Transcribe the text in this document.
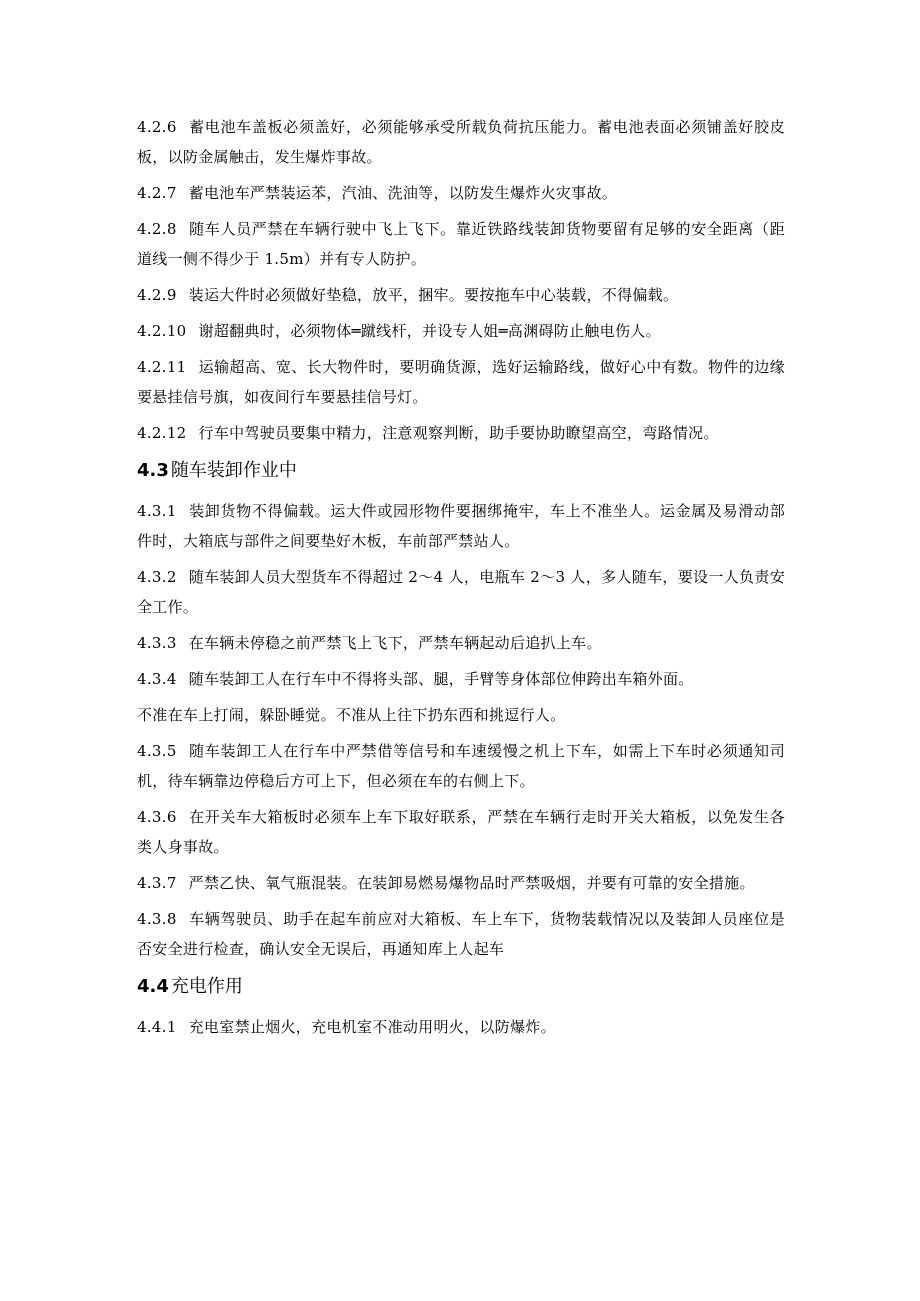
4.2.6 蓄电池车盖板必须盖好，必须能够承受所载负荷抗压能力。蓄电池表面必须铺盖好胶皮板，以防金属触击，发生爆炸事故。
4.2.7 蓄电池车严禁装运苯，汽油、洗油等，以防发生爆炸火灾事故。
4.2.8 随车人员严禁在车辆行驶中飞上飞下。靠近铁路线装卸货物要留有足够的安全距离（距道线一侧不得少于 1.5m）并有专人防护。
4.2.9 装运大件时必须做好垫稳，放平，捆牢。要按拖车中心装载，不得偏载。
4.2.10 谢超翻典时，必须物体═蹴线杆，并设专人姐═高渊碍防止触电伤人。
4.2.11 运输超高、宽、长大物件时，要明确货源，选好运输路线，做好心中有数。物件的边缘要悬挂信号旗，如夜间行车要悬挂信号灯。
4.2.12 行车中驾驶员要集中精力，注意观察判断，助手要协助瞭望高空，弯路情况。
4.3 随车装卸作业中
4.3.1 装卸货物不得偏载。运大件或园形物件要捆绑掩牢，车上不准坐人。运金属及易滑动部件时，大箱底与部件之间要垫好木板，车前部严禁站人。
4.3.2 随车装卸人员大型货车不得超过 2～4 人，电瓶车 2～3 人，多人随车，要设一人负责安全工作。
4.3.3 在车辆未停稳之前严禁飞上飞下，严禁车辆起动后追扒上车。
4.3.4 随车装卸工人在行车中不得将头部、腿，手臂等身体部位伸跨出车箱外面。
不准在车上打闹，躲卧睡觉。不准从上往下扔东西和挑逗行人。
4.3.5 随车装卸工人在行车中严禁借等信号和车速缓慢之机上下车，如需上下车时必须通知司机，待车辆靠边停稳后方可上下，但必须在车的右侧上下。
4.3.6 在开关车大箱板时必须车上车下取好联系，严禁在车辆行走时开关大箱板，以免发生各类人身事故。
4.3.7 严禁乙快、氧气瓶混装。在装卸易燃易爆物品时严禁吸烟，并要有可靠的安全措施。
4.3.8 车辆驾驶员、助手在起车前应对大箱板、车上车下，货物装载情况以及装卸人员座位是否安全进行检查，确认安全无误后，再通知库上人起车
4.4 充电作用
4.4.1 充电室禁止烟火，充电机室不准动用明火，以防爆炸。
